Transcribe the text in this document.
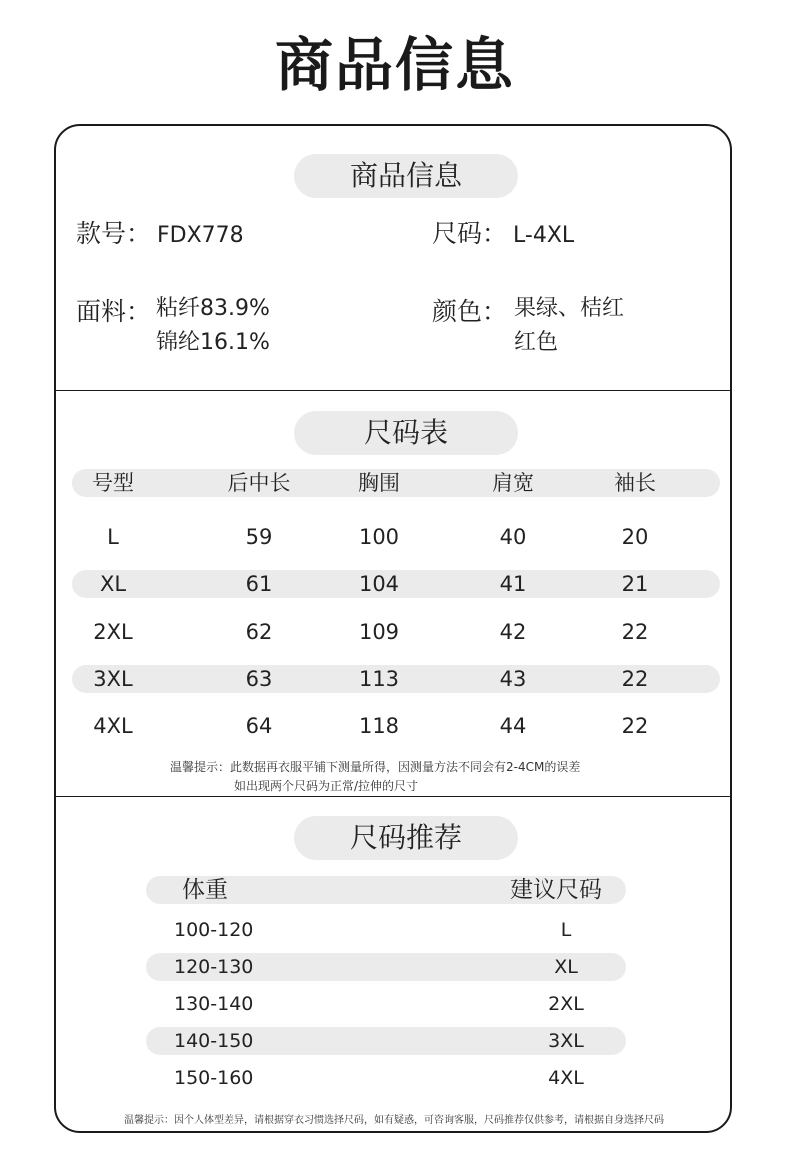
商品信息
商品信息
款号： FDX778	尺码： L-4XL
面料： 粘纤83.9%
锦纶16.1%
颜色： 果绿、桔红
红色
尺码表
号型	后中长	胸围	肩宽	袖长
L	59	100	40	20
XL	61	104	41	21
2XL	62	109	42	22
3XL	63	113	43	22
4XL	64	118	44	22
温馨提示：此数据再衣服平铺下测量所得，因测量方法不同会有2-4CM的误差
如出现两个尺码为正常/拉伸的尺寸
尺码推荐
体重	建议尺码
100-120	L
120-130	XL
130-140	2XL
140-150	3XL
150-160	4XL
温馨提示：因个人体型差异，请根据穿衣习惯选择尺码，如有疑惑，可咨询客服，尺码推荐仅供参考，请根据自身选择尺码
